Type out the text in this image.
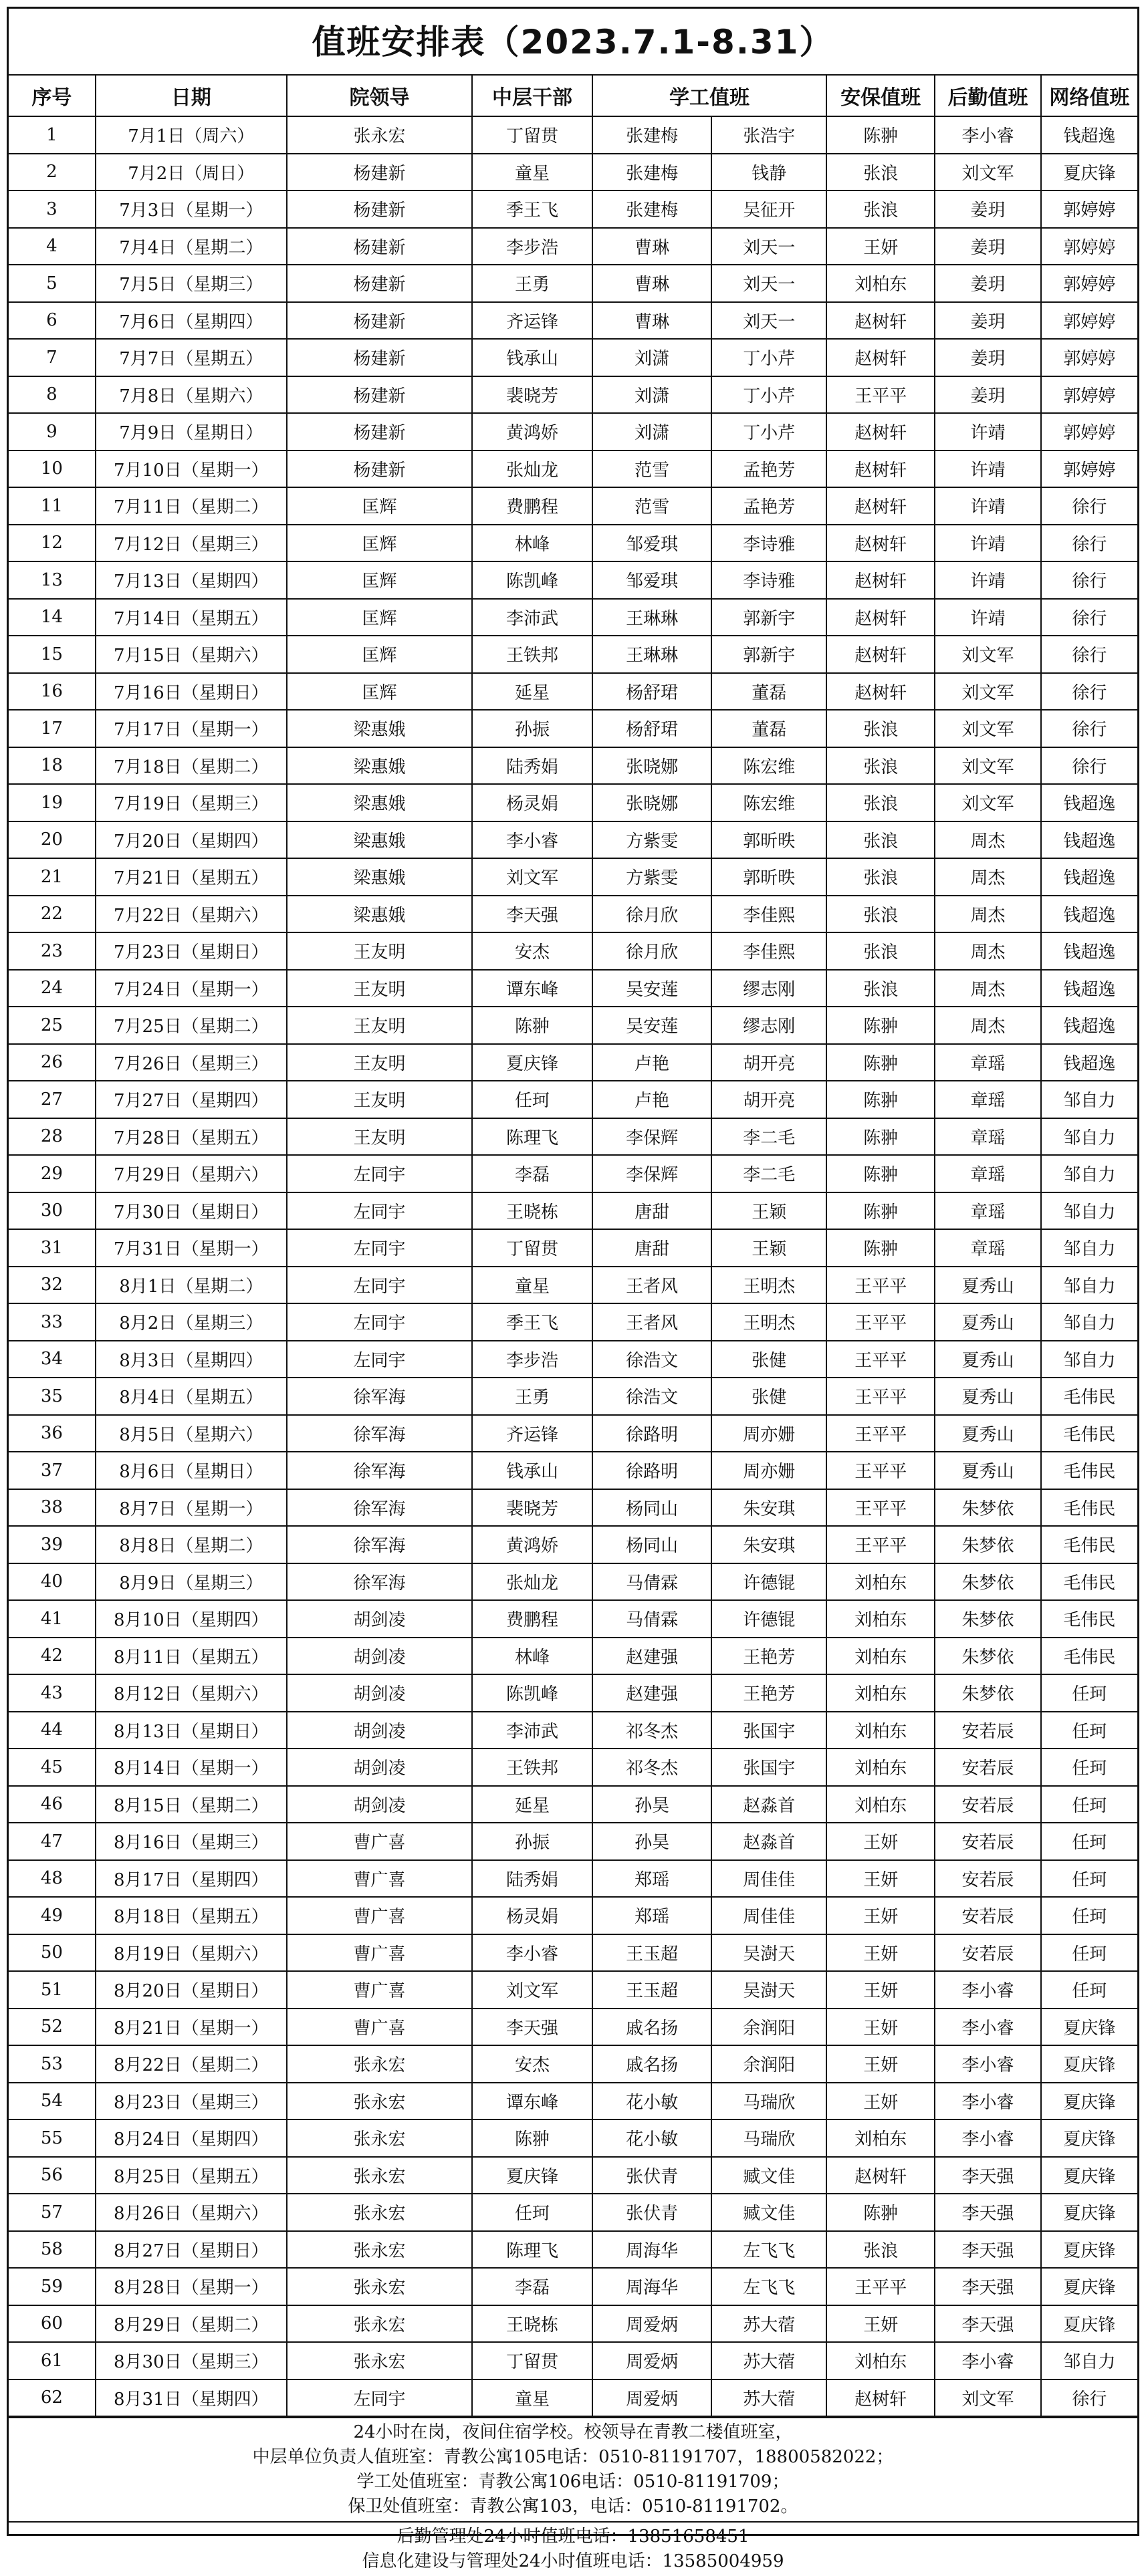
值班安排表（2023.7.1-8.31）
序号	日期	院领导	中层干部	学工值班		安保值班	后勤值班	网络值班
1	7月1日（周六）	张永宏	丁留贯	张建梅	张浩宇	陈翀	李小睿	钱超逸
2	7月2日（周日）	杨建新	童星	张建梅	钱静	张浪	刘文军	夏庆锋
3	7月3日（星期一）	杨建新	季王飞	张建梅	吴征开	张浪	姜玥	郭婷婷
4	7月4日（星期二）	杨建新	李步浩	曹琳	刘天一	王妍	姜玥	郭婷婷
5	7月5日（星期三）	杨建新	王勇	曹琳	刘天一	刘柏东	姜玥	郭婷婷
6	7月6日（星期四）	杨建新	齐运锋	曹琳	刘天一	赵树轩	姜玥	郭婷婷
7	7月7日（星期五）	杨建新	钱承山	刘潇	丁小芹	赵树轩	姜玥	郭婷婷
8	7月8日（星期六）	杨建新	裴晓芳	刘潇	丁小芹	王平平	姜玥	郭婷婷
9	7月9日（星期日）	杨建新	黄鸿娇	刘潇	丁小芹	赵树轩	许靖	郭婷婷
10	7月10日（星期一）	杨建新	张灿龙	范雪	孟艳芳	赵树轩	许靖	郭婷婷
11	7月11日（星期二）	匡辉	费鹏程	范雪	孟艳芳	赵树轩	许靖	徐行
12	7月12日（星期三）	匡辉	林峰	邹爱琪	李诗雅	赵树轩	许靖	徐行
13	7月13日（星期四）	匡辉	陈凯峰	邹爱琪	李诗雅	赵树轩	许靖	徐行
14	7月14日（星期五）	匡辉	李沛武	王琳琳	郭新宇	赵树轩	许靖	徐行
15	7月15日（星期六）	匡辉	王铁邦	王琳琳	郭新宇	赵树轩	刘文军	徐行
16	7月16日（星期日）	匡辉	延星	杨舒珺	董磊	赵树轩	刘文军	徐行
17	7月17日（星期一）	梁惠娥	孙振	杨舒珺	董磊	张浪	刘文军	徐行
18	7月18日（星期二）	梁惠娥	陆秀娟	张晓娜	陈宏维	张浪	刘文军	徐行
19	7月19日（星期三）	梁惠娥	杨灵娟	张晓娜	陈宏维	张浪	刘文军	钱超逸
20	7月20日（星期四）	梁惠娥	李小睿	方紫雯	郭昕昳	张浪	周杰	钱超逸
21	7月21日（星期五）	梁惠娥	刘文军	方紫雯	郭昕昳	张浪	周杰	钱超逸
22	7月22日（星期六）	梁惠娥	李天强	徐月欣	李佳熙	张浪	周杰	钱超逸
23	7月23日（星期日）	王友明	安杰	徐月欣	李佳熙	张浪	周杰	钱超逸
24	7月24日（星期一）	王友明	谭东峰	吴安莲	缪志刚	张浪	周杰	钱超逸
25	7月25日（星期二）	王友明	陈翀	吴安莲	缪志刚	陈翀	周杰	钱超逸
26	7月26日（星期三）	王友明	夏庆锋	卢艳	胡开亮	陈翀	章瑶	钱超逸
27	7月27日（星期四）	王友明	任珂	卢艳	胡开亮	陈翀	章瑶	邹自力
28	7月28日（星期五）	王友明	陈理飞	李保辉	李二毛	陈翀	章瑶	邹自力
29	7月29日（星期六）	左同宇	李磊	李保辉	李二毛	陈翀	章瑶	邹自力
30	7月30日（星期日）	左同宇	王晓栋	唐甜	王颖	陈翀	章瑶	邹自力
31	7月31日（星期一）	左同宇	丁留贯	唐甜	王颖	陈翀	章瑶	邹自力
32	8月1日（星期二）	左同宇	童星	王者风	王明杰	王平平	夏秀山	邹自力
33	8月2日（星期三）	左同宇	季王飞	王者风	王明杰	王平平	夏秀山	邹自力
34	8月3日（星期四）	左同宇	李步浩	徐浩文	张健	王平平	夏秀山	邹自力
35	8月4日（星期五）	徐军海	王勇	徐浩文	张健	王平平	夏秀山	毛伟民
36	8月5日（星期六）	徐军海	齐运锋	徐路明	周亦姗	王平平	夏秀山	毛伟民
37	8月6日（星期日）	徐军海	钱承山	徐路明	周亦姗	王平平	夏秀山	毛伟民
38	8月7日（星期一）	徐军海	裴晓芳	杨同山	朱安琪	王平平	朱梦依	毛伟民
39	8月8日（星期二）	徐军海	黄鸿娇	杨同山	朱安琪	王平平	朱梦依	毛伟民
40	8月9日（星期三）	徐军海	张灿龙	马倩霖	许德锟	刘柏东	朱梦依	毛伟民
41	8月10日（星期四）	胡剑凌	费鹏程	马倩霖	许德锟	刘柏东	朱梦依	毛伟民
42	8月11日（星期五）	胡剑凌	林峰	赵建强	王艳芳	刘柏东	朱梦依	毛伟民
43	8月12日（星期六）	胡剑凌	陈凯峰	赵建强	王艳芳	刘柏东	朱梦依	任珂
44	8月13日（星期日）	胡剑凌	李沛武	祁冬杰	张国宇	刘柏东	安若辰	任珂
45	8月14日（星期一）	胡剑凌	王铁邦	祁冬杰	张国宇	刘柏东	安若辰	任珂
46	8月15日（星期二）	胡剑凌	延星	孙昊	赵淼首	刘柏东	安若辰	任珂
47	8月16日（星期三）	曹广喜	孙振	孙昊	赵淼首	王妍	安若辰	任珂
48	8月17日（星期四）	曹广喜	陆秀娟	郑瑶	周佳佳	王妍	安若辰	任珂
49	8月18日（星期五）	曹广喜	杨灵娟	郑瑶	周佳佳	王妍	安若辰	任珂
50	8月19日（星期六）	曹广喜	李小睿	王玉超	吴澍天	王妍	安若辰	任珂
51	8月20日（星期日）	曹广喜	刘文军	王玉超	吴澍天	王妍	李小睿	任珂
52	8月21日（星期一）	曹广喜	李天强	戚名扬	余润阳	王妍	李小睿	夏庆锋
53	8月22日（星期二）	张永宏	安杰	戚名扬	余润阳	王妍	李小睿	夏庆锋
54	8月23日（星期三）	张永宏	谭东峰	花小敏	马瑞欣	王妍	李小睿	夏庆锋
55	8月24日（星期四）	张永宏	陈翀	花小敏	马瑞欣	刘柏东	李小睿	夏庆锋
56	8月25日（星期五）	张永宏	夏庆锋	张伏青	臧文佳	赵树轩	李天强	夏庆锋
57	8月26日（星期六）	张永宏	任珂	张伏青	臧文佳	陈翀	李天强	夏庆锋
58	8月27日（星期日）	张永宏	陈理飞	周海华	左飞飞	张浪	李天强	夏庆锋
59	8月28日（星期一）	张永宏	李磊	周海华	左飞飞	王平平	李天强	夏庆锋
60	8月29日（星期二）	张永宏	王晓栋	周爱炳	苏大蓿	王妍	李天强	夏庆锋
61	8月30日（星期三）	张永宏	丁留贯	周爱炳	苏大蓿	刘柏东	李小睿	邹自力
62	8月31日（星期四）	左同宇	童星	周爱炳	苏大蓿	赵树轩	刘文军	徐行
24小时在岗，夜间住宿学校。校领导在青教二楼值班室，
中层单位负责人值班室：青教公寓105电话：0510-81191707，18800582022；
学工处值班室：青教公寓106电话：0510-81191709；
保卫处值班室：青教公寓103，电话：0510-81191702。
后勤管理处24小时值班电话：13851658451
信息化建设与管理处24小时值班电话：13585004959
